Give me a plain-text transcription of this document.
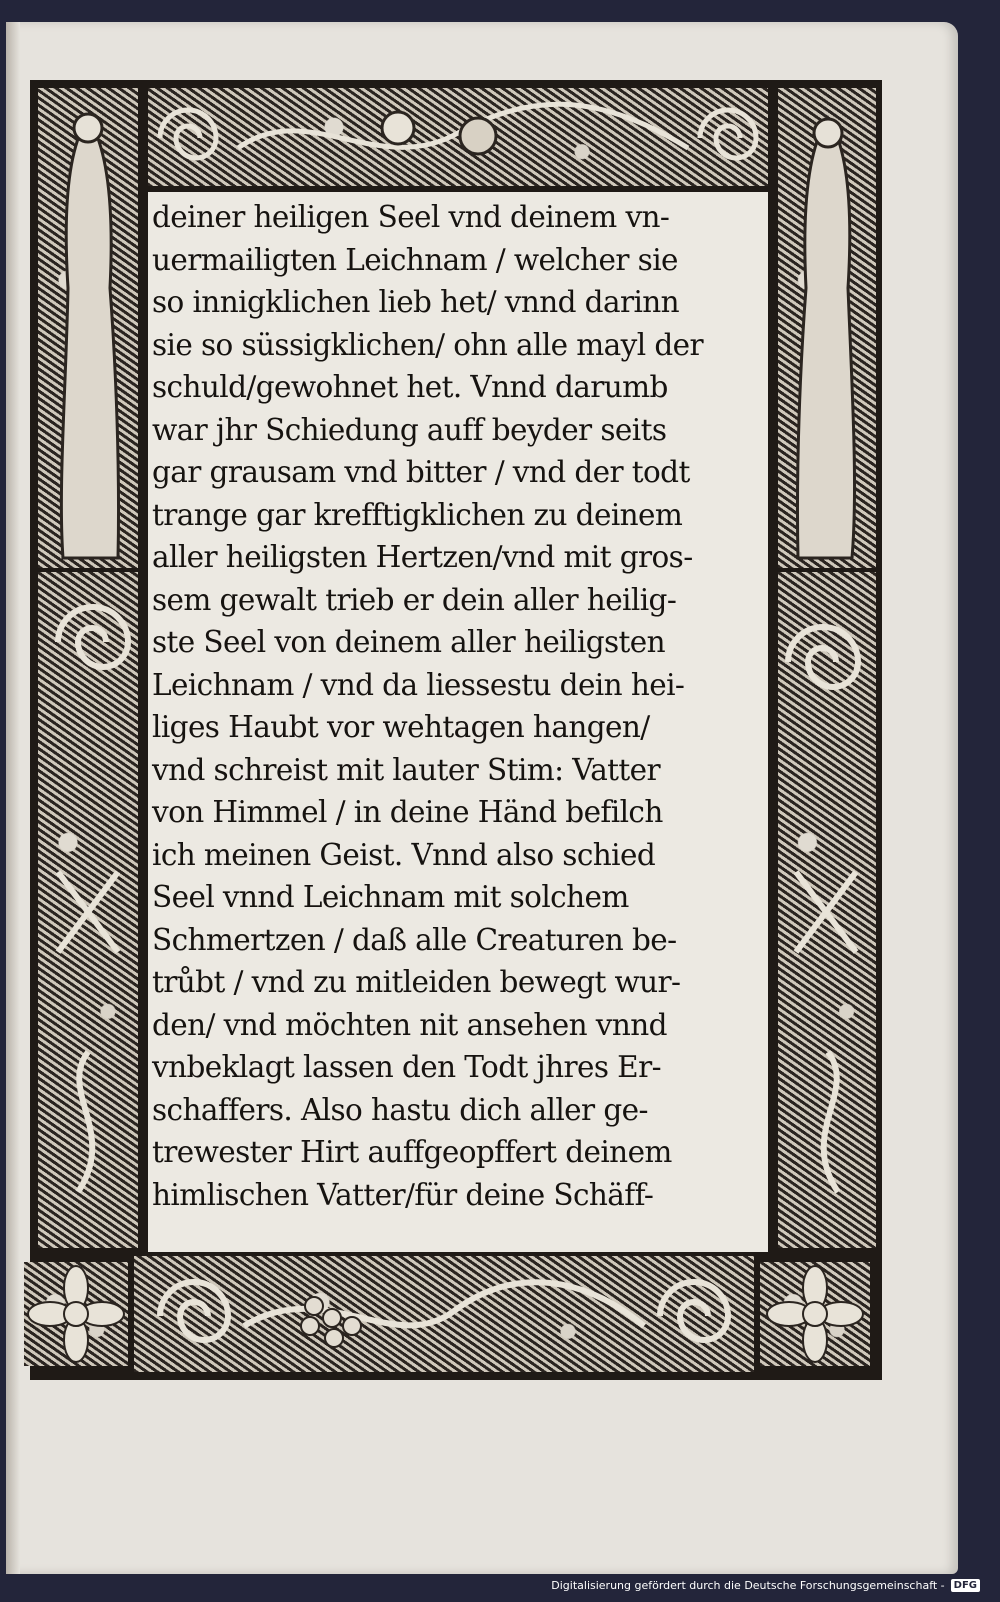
deiner heiligen Seel vnd deinem vn-
uermailigten Leichnam / welcher sie
so innigklichen lieb het/ vnnd darinn
sie so süssigklichen/ ohn alle mayl der
schuld/gewohnet het. Vnnd darumb
war jhr Schiedung auff beyder seits
gar grausam vnd bitter / vnd der todt
trange gar krefftigklichen zu deinem
aller heiligsten Hertzen/vnd mit gros-
sem gewalt trieb er dein aller heilig-
ste Seel von deinem aller heiligsten
Leichnam / vnd da liessestu dein hei-
liges Haubt vor wehtagen hangen/
vnd schreist mit lauter Stim: Vatter
von Himmel / in deine Händ befilch
ich meinen Geist. Vnnd also schied
Seel vnnd Leichnam mit solchem
Schmertzen / daß alle Creaturen be-
trůbt / vnd zu mitleiden bewegt wur-
den/ vnd möchten nit ansehen vnnd
vnbeklagt lassen den Todt jhres Er-
schaffers. Also hastu dich aller ge-
trewester Hirt auffgeopffert deinem
himlischen Vatter/für deine Schäff-
Digitalisierung gefördert durch die Deutsche Forschungsgemeinschaft - DFG
